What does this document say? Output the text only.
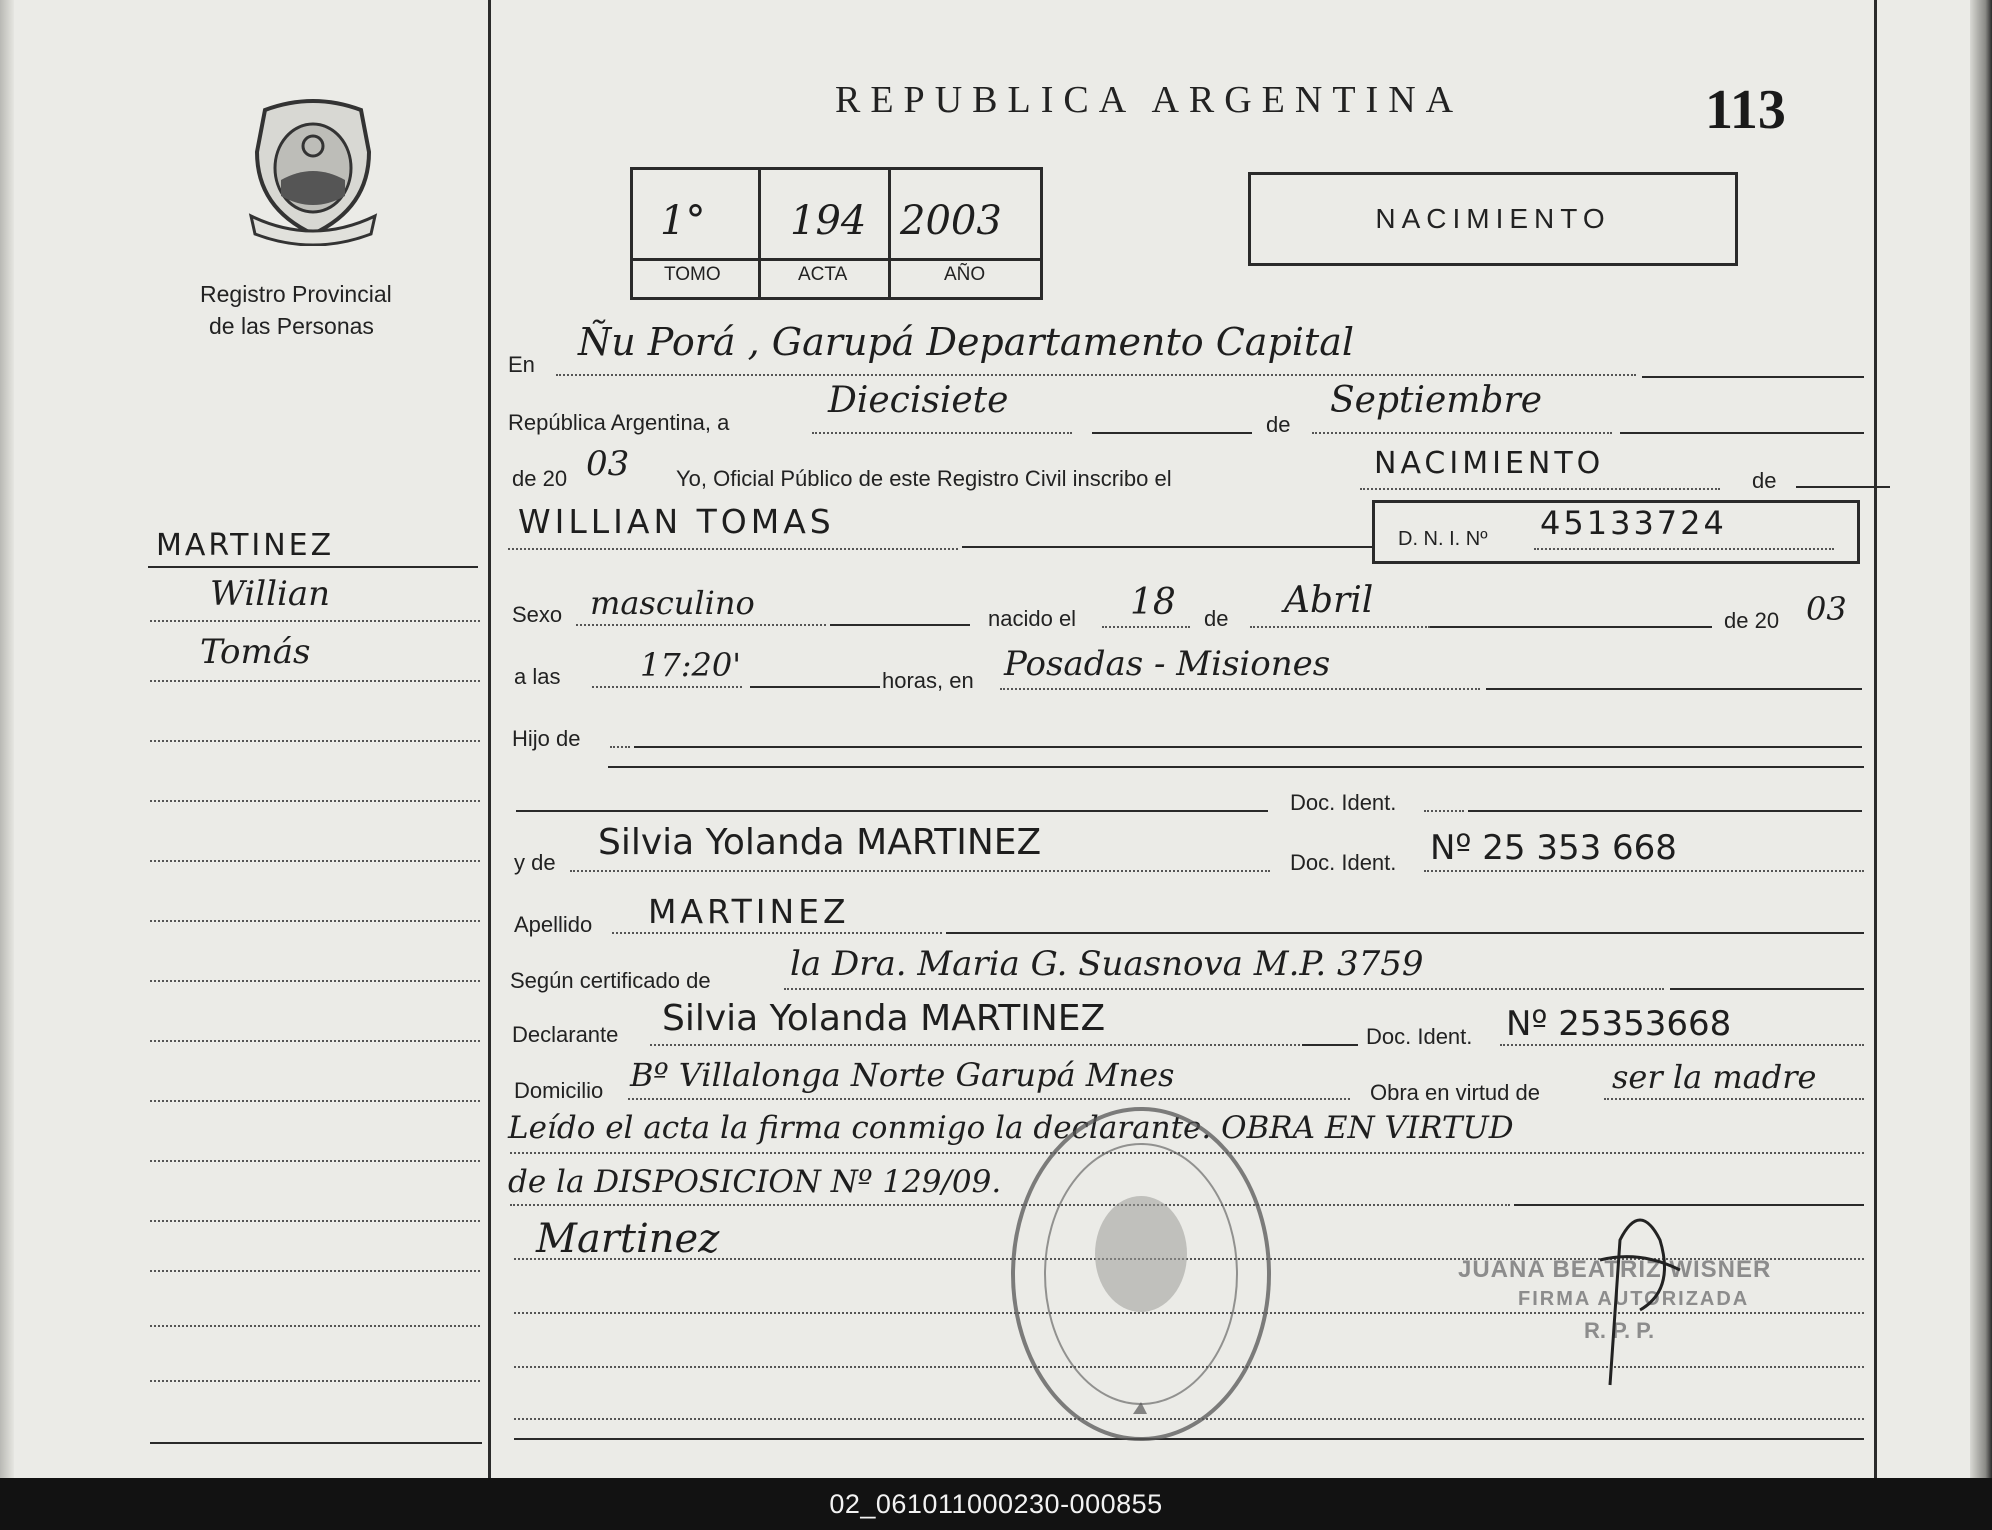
Registro Provincial
de las Personas
MARTINEZ
Willian
Tomás
REPUBLICA ARGENTINA	113
1° 194 2003
TOMO	ACTA	AÑO
NACIMIENTO
En
Ñu Porá , Garupá Departamento Capital
República Argentina, a	de
Diecisiete	Septiembre
de 20 03 Yo, Oficial Público de este Registro Civil inscribo el	NACIMIENTO	de
WILLIAN TOMAS	D. N. I. Nº 45133724
Sexo masculino	nacido el 18 de Abril	de 20 03
a las 17:20'	horas, en Posadas - Misiones
Hijo de
Doc. Ident.
y de Silvia Yolanda MARTINEZ	Doc. Ident. Nº 25 353 668
Apellido MARTINEZ
Según certificado de la Dra. Maria G. Suasnova M.P. 3759
Declarante Silvia Yolanda MARTINEZ	Doc. Ident. Nº 25353668
Domicilio Bº Villalonga Norte Garupá Mnes	Obra en virtud de ser la madre
Leído el acta la firma conmigo la declarante. OBRA EN VIRTUD
de la DISPOSICION Nº 129/09.
Martinez
JUANA BEATRIZ WISNER
FIRMA AUTORIZADA
R. P. P.
02_061011000230-000855
